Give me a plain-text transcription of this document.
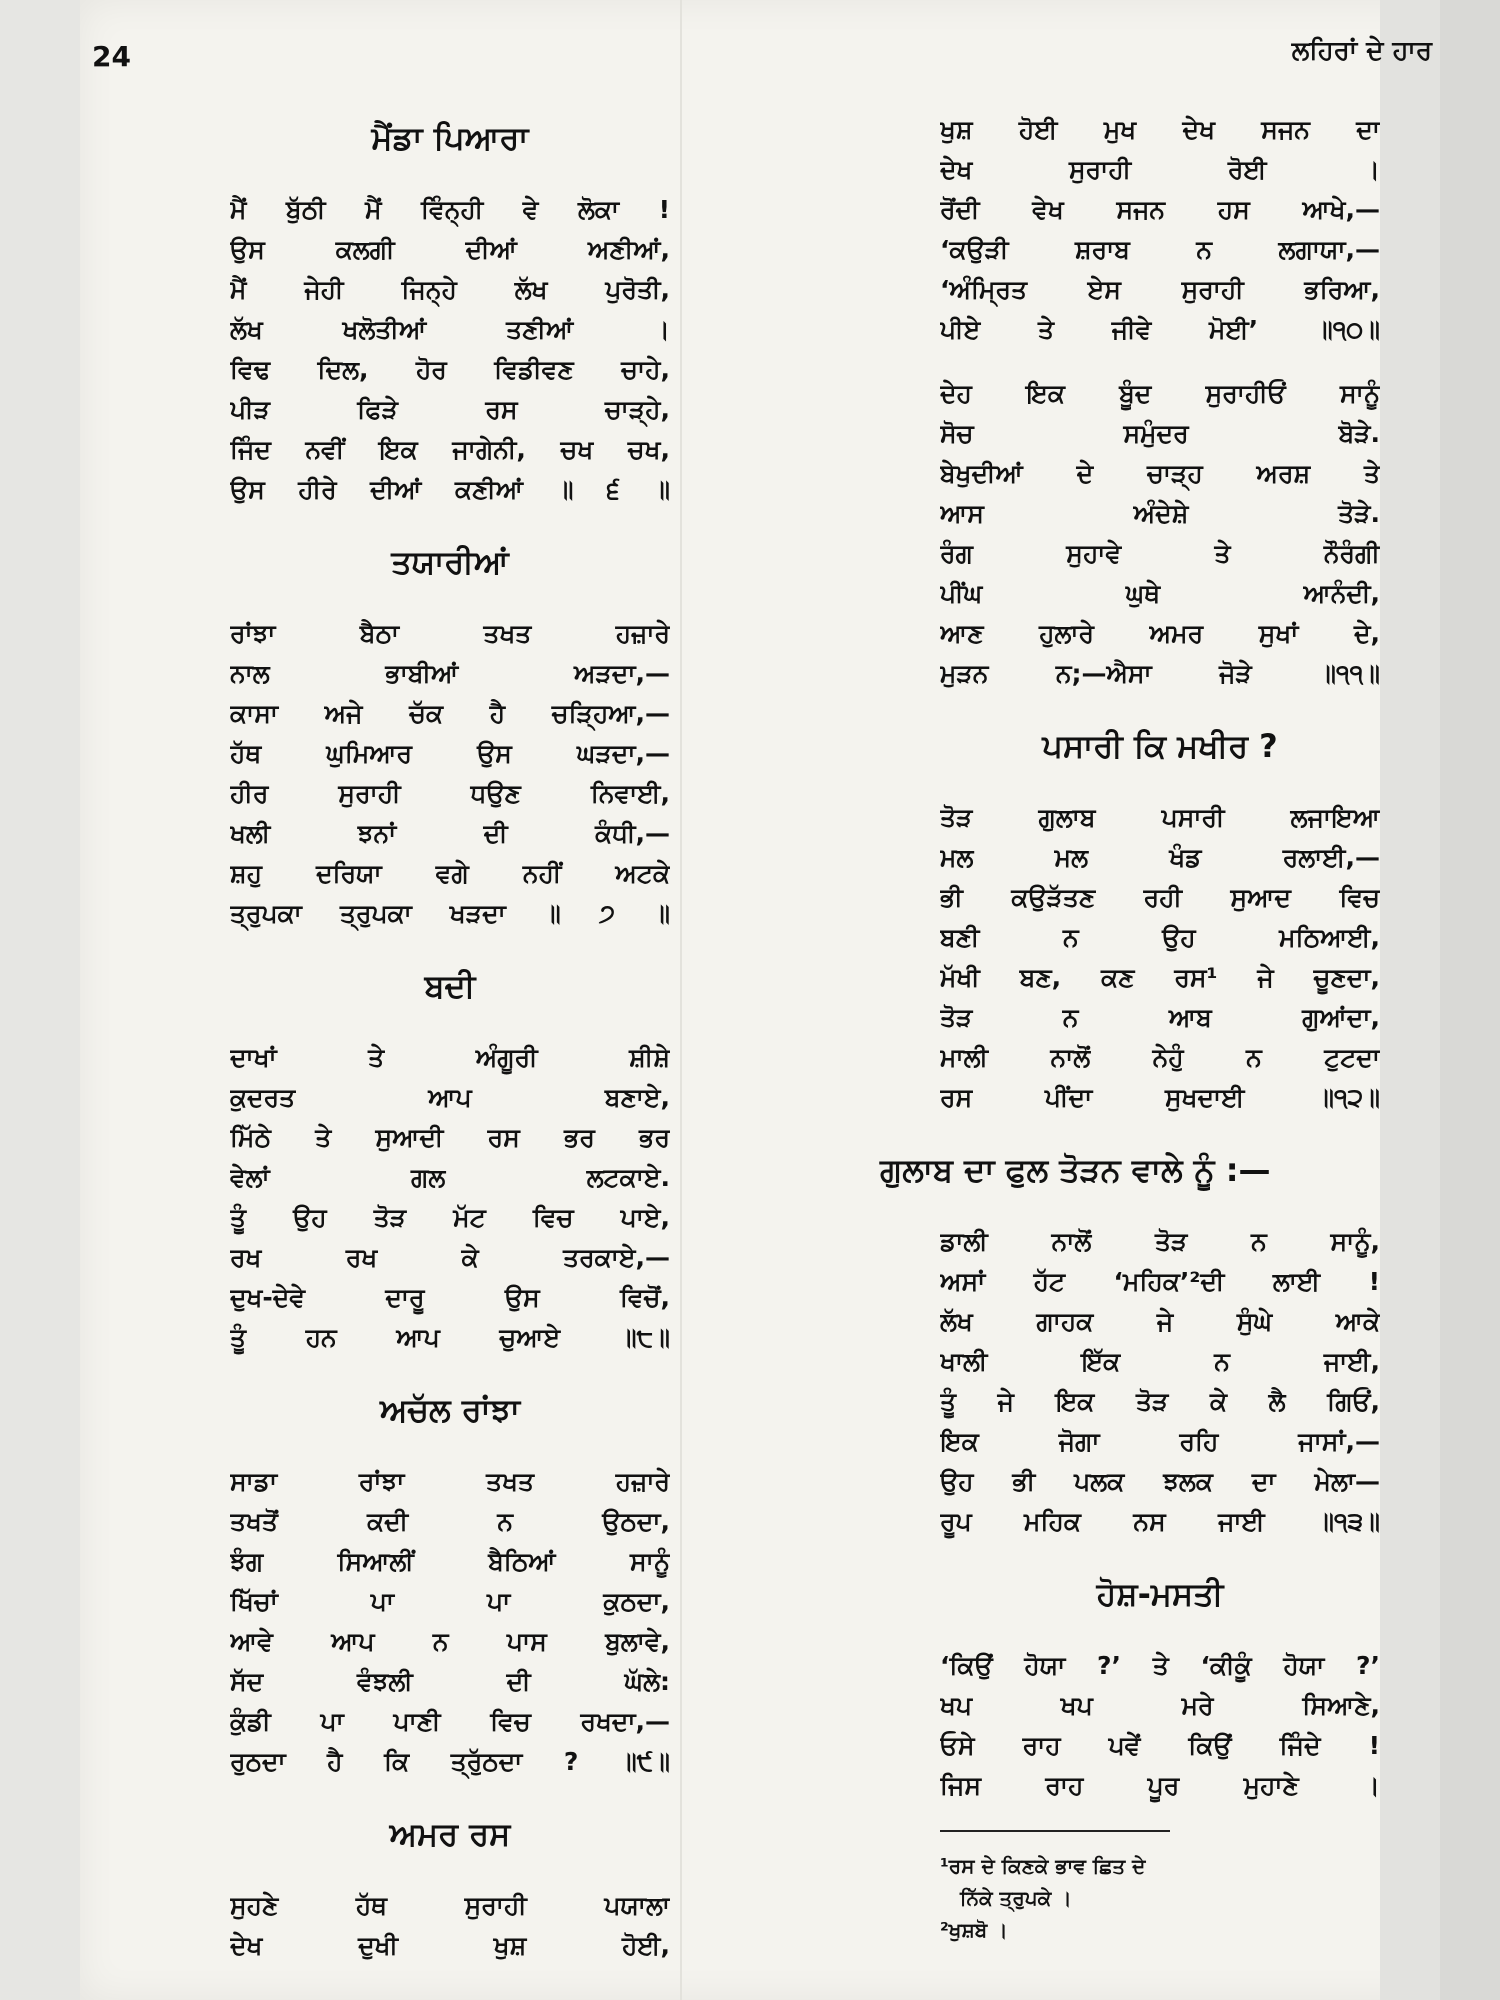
24	ਲਹਿਰਾਂ ਦੇ ਹਾਰ
ਮੈਂਡਾ ਪਿਆਰਾ
ਮੈਂ ਬੁੱਠੀ ਮੈਂ ਵਿੰਨ੍ਹੀ ਵੇ ਲੋਕਾ !
ਉਸ ਕਲਗੀ ਦੀਆਂ ਅਣੀਆਂ,
ਮੈਂ ਜੇਹੀ ਜਿਨ੍ਹੇ ਲੱਖ ਪੁਰੋਤੀ,
ਲੱਖ ਖਲੋਤੀਆਂ ਤਣੀਆਂ ।
ਵਿਢ ਦਿਲ, ਹੋਰ ਵਿਡੀਵਣ ਚਾਹੇ,
ਪੀੜ ਫਿੜੇ ਰਸ ਚਾੜ੍ਹੇ,
ਜਿੰਦ ਨਵੀਂ ਇਕ ਜਾਗੇਨੀ, ਚਖ ਚਖ,
ਉਸ ਹੀਰੇ ਦੀਆਂ ਕਣੀਆਂ ॥ ੬ ॥
ਤਯਾਰੀਆਂ
ਰਾਂਝਾ ਬੈਠਾ ਤਖਤ ਹਜ਼ਾਰੇ
ਨਾਲ ਭਾਬੀਆਂ ਅੜਦਾ,—
ਕਾਸਾ ਅਜੇ ਚੱਕ ਹੈ ਚੜ੍ਹਿਆ,—
ਹੱਥ ਘੁਮਿਆਰ ਉਸ ਘੜਦਾ,—
ਹੀਰ ਸੁਰਾਹੀ ਧਉਣ ਨਿਵਾਈ,
ਖਲੀ ਝਨਾਂ ਦੀ ਕੰਧੀ,—
ਸ਼ਹੁ ਦਰਿਯਾ ਵਗੇ ਨਹੀਂ ਅਟਕੇ
ਤ੍ਰੁਪਕਾ ਤ੍ਰੁਪਕਾ ਖੜਦਾ ॥ ੭ ॥
ਬਦੀ
ਦਾਖਾਂ ਤੇ ਅੰਗੂਰੀ ਸ਼ੀਸ਼ੇ
ਕੁਦਰਤ ਆਪ ਬਣਾਏ,
ਮਿੱਠੇ ਤੇ ਸੁਆਦੀ ਰਸ ਭਰ ਭਰ
ਵੇਲਾਂ ਗਲ ਲਟਕਾਏ.
ਤੂੰ ਉਹ ਤੋੜ ਮੱਟ ਵਿਚ ਪਾਏ,
ਰਖ ਰਖ ਕੇ ਤਰਕਾਏ,—
ਦੁਖ-ਦੇਵੇ ਦਾਰੂ ਉਸ ਵਿਚੋਂ,
ਤੂੰ ਹਨ ਆਪ ਚੁਆਏ ॥੮॥
ਅਚੱਲ ਰਾਂਝਾ
ਸਾਡਾ ਰਾਂਝਾ ਤਖਤ ਹਜ਼ਾਰੇ
ਤਖਤੋਂ ਕਦੀ ਨ ਉਠਦਾ,
ਝੰਗ ਸਿਆਲੀਂ ਬੈਠਿਆਂ ਸਾਨੂੰ
ਖਿੱਚਾਂ ਪਾ ਪਾ ਕੁਠਦਾ,
ਆਵੇ ਆਪ ਨ ਪਾਸ ਬੁਲਾਵੇ,
ਸੱਦ ਵੰਝਲੀ ਦੀ ਘੱਲੇ:
ਕੁੰਡੀ ਪਾ ਪਾਣੀ ਵਿਚ ਰਖਦਾ,—
ਰੁਠਦਾ ਹੈ ਕਿ ਤ੍ਰੁੱਠਦਾ ? ॥੯॥
ਅਮਰ ਰਸ
ਸੁਹਣੇ ਹੱਥ ਸੁਰਾਹੀ ਪਯਾਲਾ
ਦੇਖ ਦੁਖੀ ਖੁਸ਼ ਹੋਈ,
ਖੁਸ਼ ਹੋਈ ਮੁਖ ਦੇਖ ਸਜਨ ਦਾ
ਦੇਖ ਸੁਰਾਹੀ ਰੋਈ ।
ਰੋਂਦੀ ਵੇਖ ਸਜਨ ਹਸ ਆਖੇ,—
‘ਕਉੜੀ ਸ਼ਰਾਬ ਨ ਲਗਾਯਾ,—
‘ਅੰਮ੍ਰਿਤ ਏਸ ਸੁਰਾਹੀ ਭਰਿਆ,
ਪੀਏ ਤੇ ਜੀਵੇ ਮੋਈ’ ॥੧੦॥
ਦੇਹ ਇਕ ਬੂੰਦ ਸੁਰਾਹੀਓਂ ਸਾਨੂੰ
ਸੋਚ ਸਮੁੰਦਰ ਬੋੜੇ.
ਬੇਖੁਦੀਆਂ ਦੇ ਚਾੜ੍ਹ ਅਰਸ਼ ਤੇ
ਆਸ ਅੰਦੇਸ਼ੇ ਤੋੜੇ.
ਰੰਗ ਸੁਹਾਵੇ ਤੇ ਨੌਰੰਗੀ
ਪੀਂਘ ਘੁਥੇ ਆਨੰਦੀ,
ਆਣ ਹੁਲਾਰੇ ਅਮਰ ਸੁਖਾਂ ਦੇ,
ਮੁੜਨ ਨ;—ਐਸਾ ਜੋੜੇ ॥੧੧॥
ਪਸਾਰੀ ਕਿ ਮਖੀਰ ?
ਤੋੜ ਗੁਲਾਬ ਪਸਾਰੀ ਲਜਾਇਆ
ਮਲ ਮਲ ਖੰਡ ਰਲਾਈ,—
ਭੀ ਕਉੜੱਤਣ ਰਹੀ ਸੁਆਦ ਵਿਚ
ਬਣੀ ਨ ਉਹ ਮਠਿਆਈ,
ਮੱਖੀ ਬਣ, ਕਣ ਰਸ¹ ਜੇ ਚੂਣਦਾ,
ਤੋੜ ਨ ਆਬ ਗੁਆਂਦਾ,
ਮਾਲੀ ਨਾਲੋਂ ਨੇਹੁੰ ਨ ਟੁਟਦਾ
ਰਸ ਪੀਂਦਾ ਸੁਖਦਾਈ ॥੧੨॥
ਗੁਲਾਬ ਦਾ ਫੁਲ ਤੋੜਨ ਵਾਲੇ ਨੂੰ :—
ਡਾਲੀ ਨਾਲੋਂ ਤੋੜ ਨ ਸਾਨੂੰ,
ਅਸਾਂ ਹੱਟ ‘ਮਹਿਕ’²ਦੀ ਲਾਈ !
ਲੱਖ ਗਾਹਕ ਜੇ ਸੁੰਘੇ ਆਕੇ
ਖਾਲੀ ਇੱਕ ਨ ਜਾਈ,
ਤੂੰ ਜੇ ਇਕ ਤੋੜ ਕੇ ਲੈ ਗਿਓਂ,
ਇਕ ਜੋਗਾ ਰਹਿ ਜਾਸਾਂ,—
ਉਹ ਭੀ ਪਲਕ ਝਲਕ ਦਾ ਮੇਲਾ—
ਰੂਪ ਮਹਿਕ ਨਸ ਜਾਈ ॥੧੩॥
ਹੋਸ਼-ਮਸਤੀ
‘ਕਿਉਂ ਹੋਯਾ ?’ ਤੇ ‘ਕੀਕੂੰ ਹੋਯਾ ?’
ਖਪ ਖਪ ਮਰੇ ਸਿਆਣੇ,
ਓਸੇ ਰਾਹ ਪਵੇਂ ਕਿਉਂ ਜਿੰਦੇ !
ਜਿਸ ਰਾਹ ਪੂਰ ਮੁਹਾਣੇ ।
¹ਰਸ ਦੇ ਕਿਣਕੇ ਭਾਵ ਛਿਤ ਦੇ
ਨਿੱਕੇ ਤ੍ਰੁਪਕੇ ।
²ਖੁਸ਼ਬੋ ।
